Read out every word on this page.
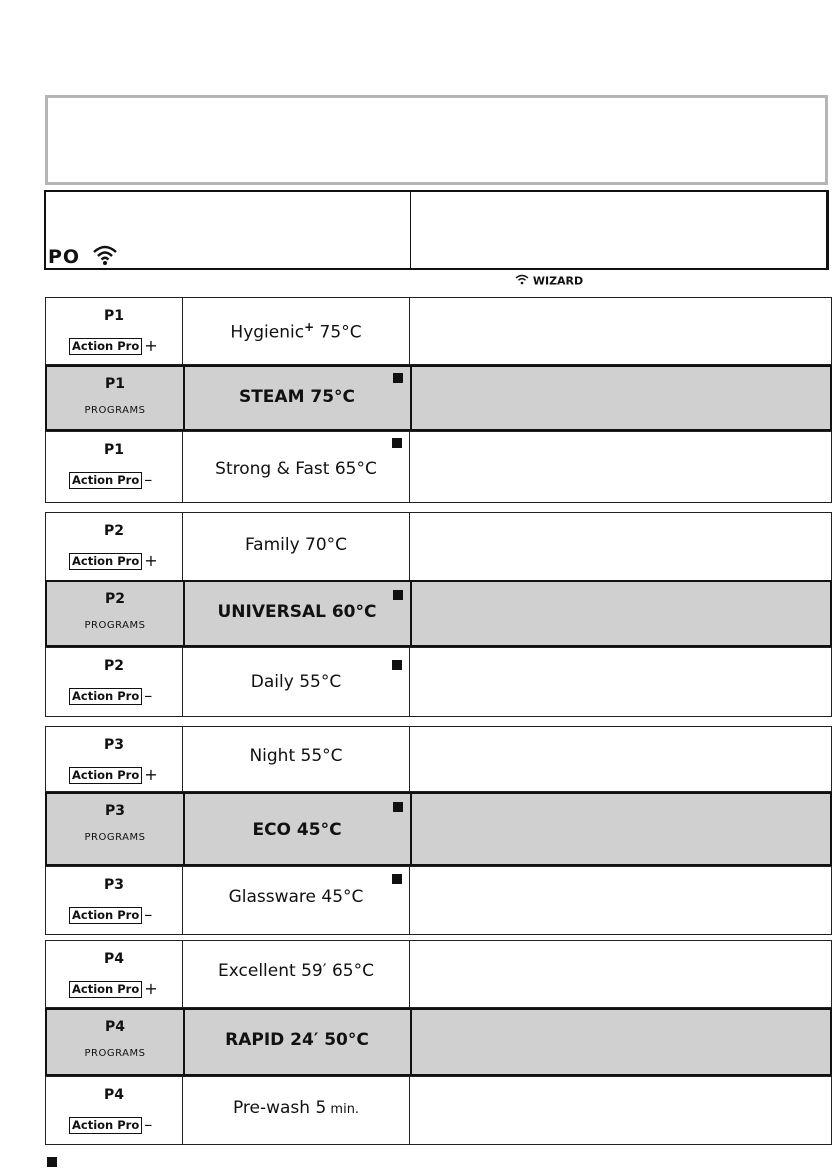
PO
WIZARD
P1
Action Pro +
Hygienic+ 75°C
P1
PROGRAMS
STEAM 75°C
P1
Action Pro –
Strong & Fast 65°C
P2
Action Pro +
Family 70°C
P2
PROGRAMS
UNIVERSAL 60°C
P2
Action Pro –
Daily 55°C
P3
Action Pro +
Night 55°C
P3
PROGRAMS	ECO 45°C
P3
Action Pro –
Glassware 45°C
P4
Action Pro +
Excellent 59′ 65°C
P4
PROGRAMS
RAPID 24′ 50°C
P4
Action Pro –
Pre-wash 5 min.
